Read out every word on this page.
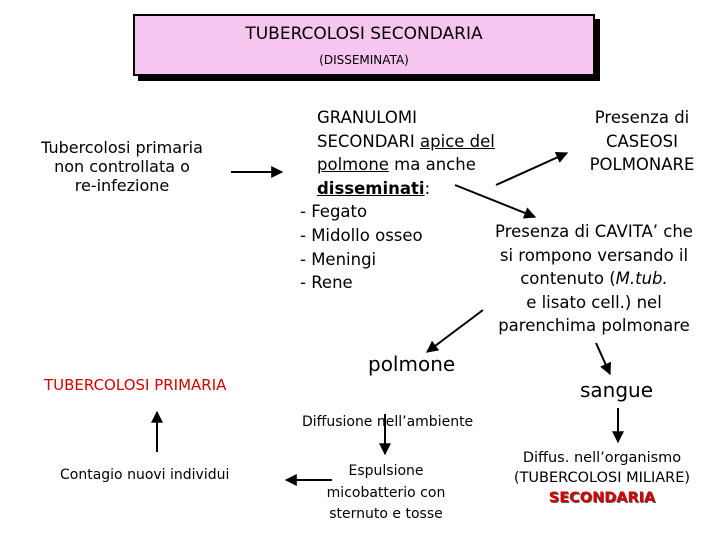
TUBERCOLOSI SECONDARIA
(DISSEMINATA)
Tubercolosi primaria
non controllata o
re-infezione
TUBERCOLOSI PRIMARIA
Contagio nuovi individui
GRANULOMI
SECONDARI apice del
polmone ma anche
disseminati:
- Fegato
- Midollo osseo
- Meningi
- Rene
Presenza di
CASEOSI
POLMONARE
Presenza di CAVITA’ che
si rompono versando il
contenuto (M.tub.
e lisato cell.) nel
parenchima polmonare
polmone
sangue
Diffusione nell’ambiente
Espulsione
micobatterio con
sternuto e tosse
Diffus. nell’organismo
(TUBERCOLOSI MILIARE)
SECONDARIA
